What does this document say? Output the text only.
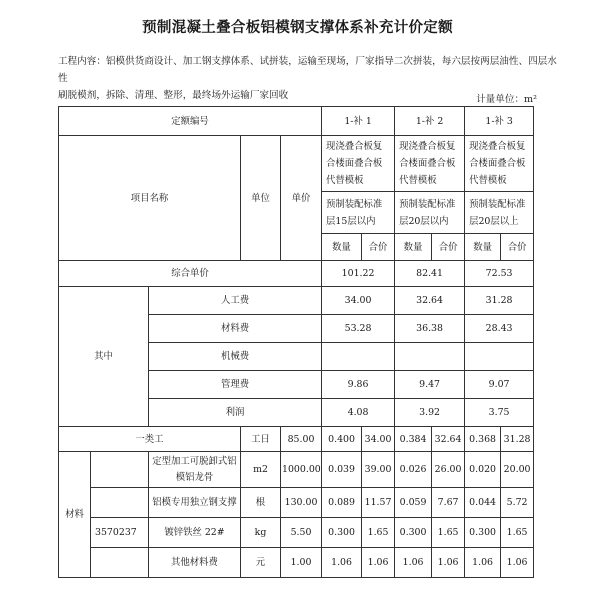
预制混凝土叠合板铝模钢支撑体系补充计价定额
工程内容：铝模供货商设计、加工钢支撑体系、试拼装，运输至现场，厂家指导二次拼装，每六层按两层油性、四层水性
刷脱模剂，拆除、清理、整形，最终场外运输厂家回收	计量单位：m²
定额编号					1-补 1		1-补 2		1-补 3	
项目名称			单位	单价	现浇叠合板复合楼面叠合板代替模板		现浇叠合板复合楼面叠合板代替模板		现浇叠合板复合楼面叠合板代替模板	
					预制装配标准层15层以内		预制装配标准层20层以内		预制装配标准层20层以上	
					数量	合价	数量	合价	数量	合价
综合单价					101.22		82.41		72.53	
其中		人工费			34.00		32.64		31.28	
		材料费			53.28		36.38		28.43	
		机械费								
		管理费			9.86		9.47		9.07	
		利润			4.08		3.92		3.75	
一类工			工日	85.00	0.400	34.00	0.384	32.64	0.368	31.28
材料		定型加工可脱卸式铝模铝龙骨	m2	1000.00	0.039	39.00	0.026	26.00	0.020	20.00
		铝模专用独立钢支撑	根	130.00	0.089	11.57	0.059	7.67	0.044	5.72
	3570237	镀锌铁丝 22#	kg	5.50	0.300	1.65	0.300	1.65	0.300	1.65
		其他材料费	元	1.00	1.06	1.06	1.06	1.06	1.06	1.06
